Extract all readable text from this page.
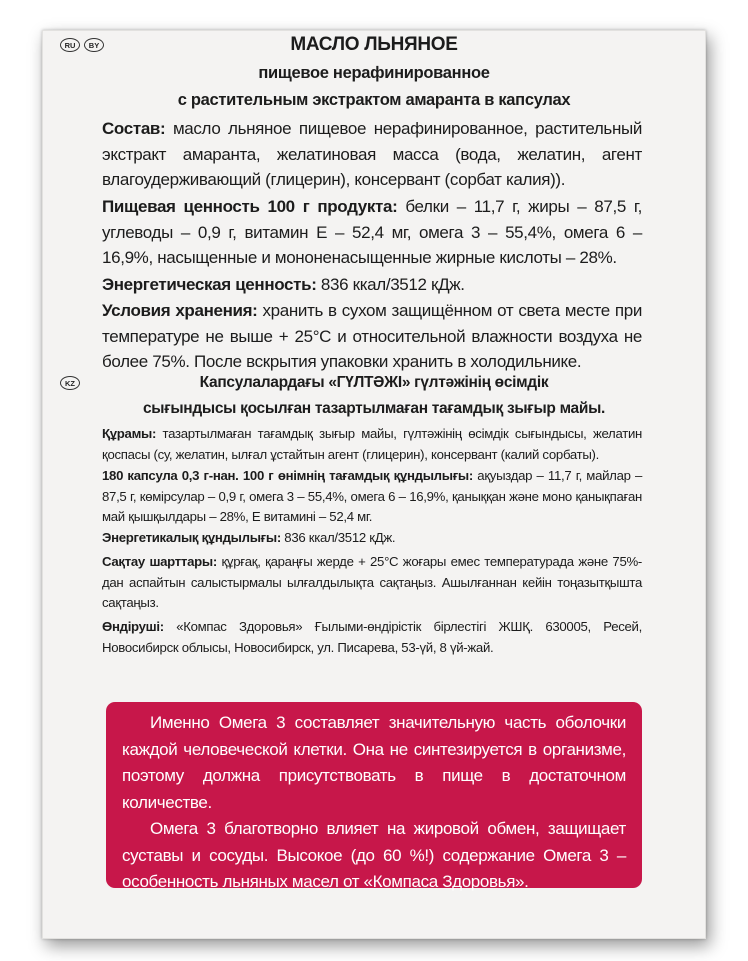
RU	BY	МАСЛО ЛЬНЯНОЕ
пищевое нерафинированное
с растительным экстрактом амаранта в капсулах

Состав: масло льняное пищевое нерафинированное, растительный экстракт амаранта, желатиновая масса (вода, желатин, агент влагоудерживающий (глицерин), консервант (сорбат калия)).

Пищевая ценность 100 г продукта: белки – 11,7 г, жиры – 87,5 г, углеводы – 0,9 г, витамин Е – 52,4 мг, омега 3 – 55,4%, омега 6 – 16,9%, насыщенные и мононенасыщенные жирные кислоты – 28%.

Энергетическая ценность: 836 ккал/3512 кДж.

Условия хранения: хранить в сухом защищённом от света месте при температуре не выше + 25°С и относительной влажности воздуха не более 75%. После вскрытия упаковки хранить в холодильнике.

KZ	Капсулалардағы «ГҮЛТӘЖІ» гүлтәжінің өсімдік
сығындысы қосылған тазартылмаған тағамдық зығыр майы.

Құрамы: тазартылмаған тағамдық зығыр майы, гүлтәжінің өсімдік сығындысы, желатин қоспасы (су, желатин, ылғал ұстайтын агент (глицерин), консервант (калий сорбаты).

180 капсула 0,3 г-нан. 100 г өнімнің тағамдық құндылығы: ақуыздар – 11,7 г, майлар – 87,5 г, көмірсулар – 0,9 г, омега 3 – 55,4%, омега 6 – 16,9%, қаныққан және моно қанықпаған май қышқылдары – 28%, Е витамині – 52,4 мг.

Энергетикалық құндылығы: 836 ккал/3512 кДж.

Сақтау шарттары: құрғақ, қараңғы жерде + 25°С жоғары емес температурада және 75%-дан аспайтын салыстырмалы ылғалдылықта сақтаңыз. Ашылғаннан кейін тоңазытқышта сақтаңыз.

Өндіруші: «Компас Здоровья» Ғылыми-өндірістік бірлестігі ЖШҚ. 630005, Ресей, Новосибирск облысы, Новосибирск, ул. Писарева, 53-үй, 8 үй-жай.

Именно Омега 3 составляет значительную часть оболочки каждой человеческой клетки. Она не синтезируется в организме, поэтому должна присутствовать в пище в достаточном количестве.

Омега 3 благотворно влияет на жировой обмен, защищает суставы и сосуды. Высокое (до 60 %!) содержание Омега 3 – особенность льняных масел от «Компаса Здоровья».
